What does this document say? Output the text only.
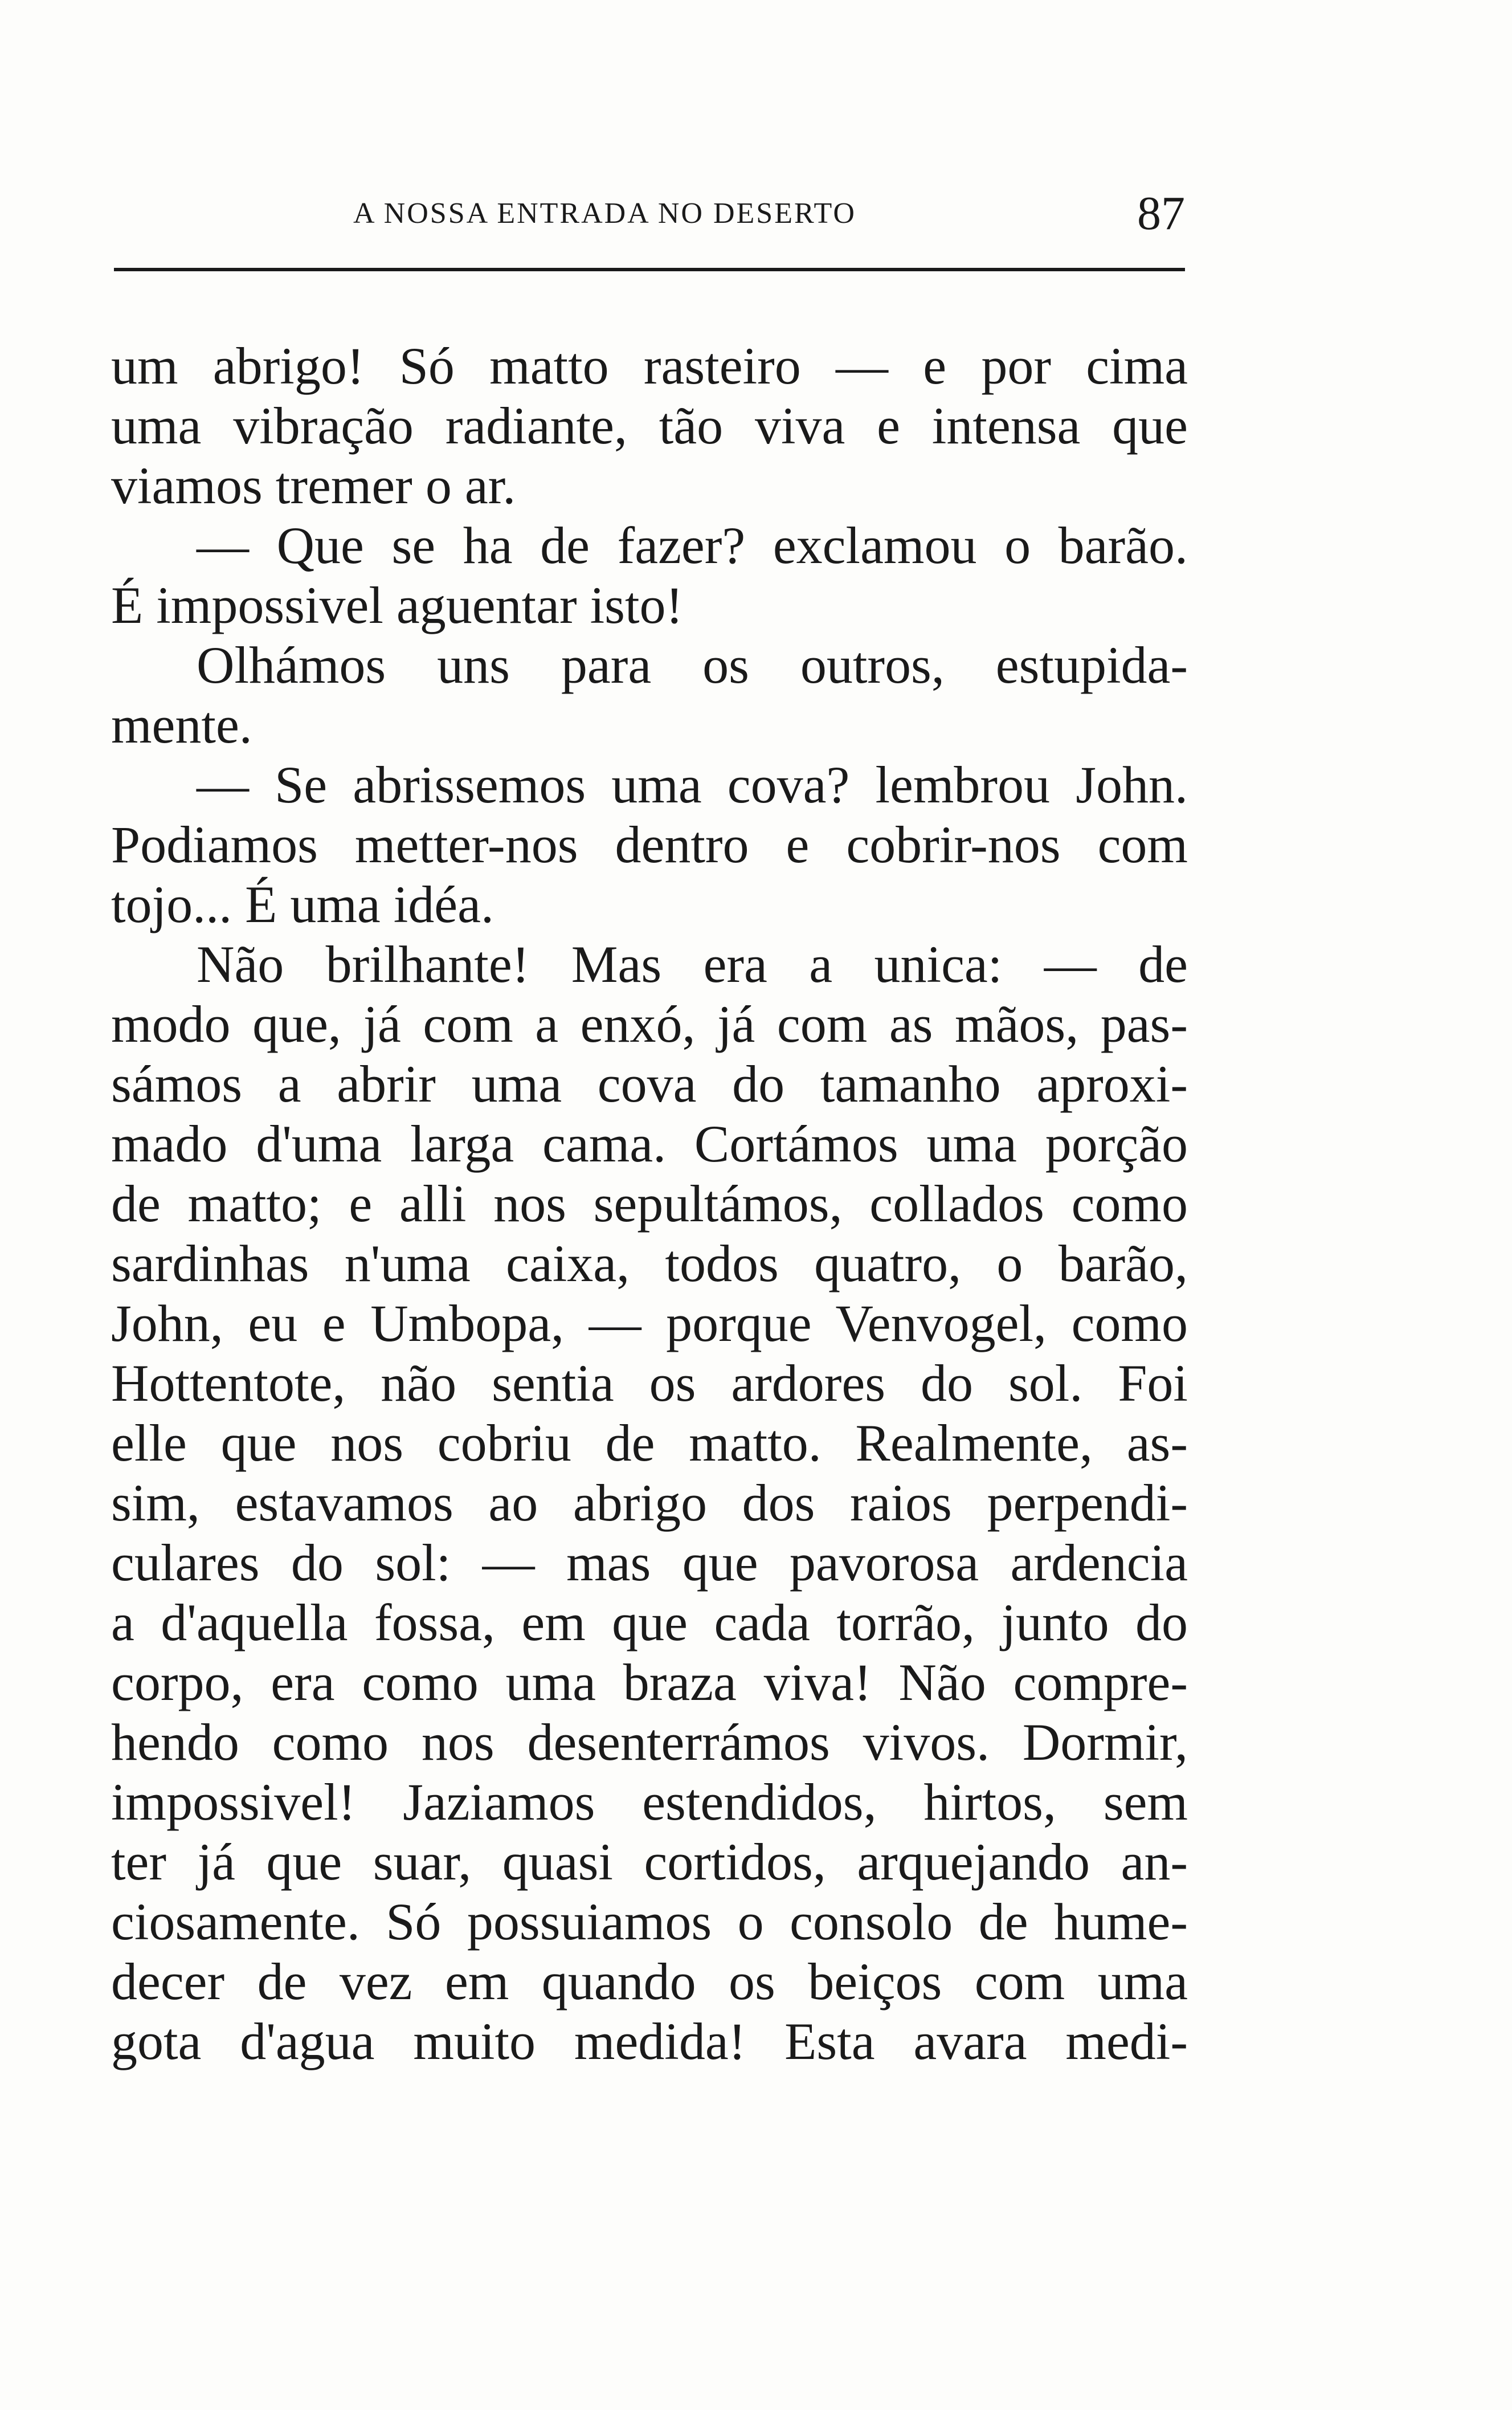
A NOSSA ENTRADA NO DESERTO	87
um abrigo! Só matto rasteiro — e por cima
uma vibração radiante, tão viva e intensa que
viamos tremer o ar.
— Que se ha de fazer? exclamou o barão.
É impossivel aguentar isto!
Olhámos uns para os outros, estupida-
mente.
— Se abrissemos uma cova? lembrou John.
Podiamos metter-nos dentro e cobrir-nos com
tojo... É uma idéa.
Não brilhante! Mas era a unica: — de
modo que, já com a enxó, já com as mãos, pas-
sámos a abrir uma cova do tamanho aproxi-
mado d'uma larga cama. Cortámos uma porção
de matto; e alli nos sepultámos, collados como
sardinhas n'uma caixa, todos quatro, o barão,
John, eu e Umbopa, — porque Venvogel, como
Hottentote, não sentia os ardores do sol. Foi
elle que nos cobriu de matto. Realmente, as-
sim, estavamos ao abrigo dos raios perpendi-
culares do sol: — mas que pavorosa ardencia
a d'aquella fossa, em que cada torrão, junto do
corpo, era como uma braza viva! Não compre-
hendo como nos desenterrámos vivos. Dormir,
impossivel! Jaziamos estendidos, hirtos, sem
ter já que suar, quasi cortidos, arquejando an-
ciosamente. Só possuiamos o consolo de hume-
decer de vez em quando os beiços com uma
gota d'agua muito medida! Esta avara medi-
